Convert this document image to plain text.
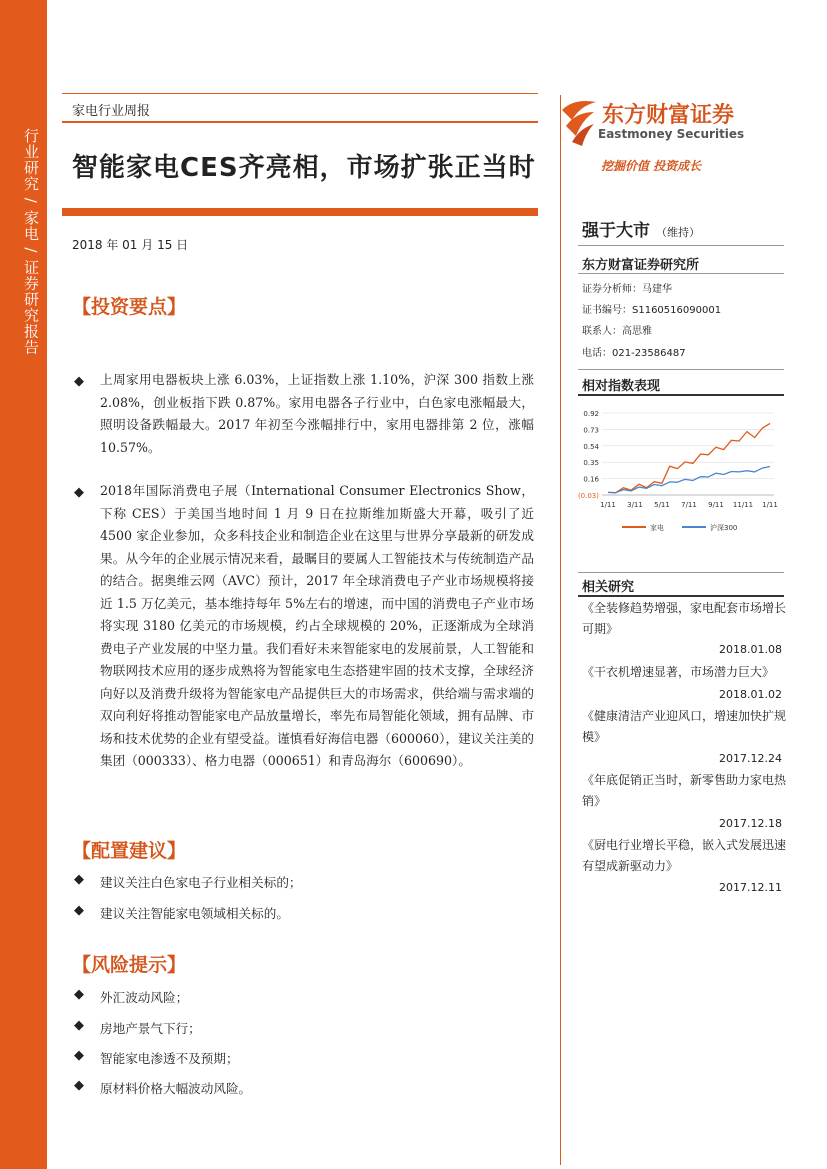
行业研究 / 家电 / 证券研究报告
家电行业周报
智能家电CES齐亮相，市场扩张正当时
2018 年 01 月 15 日
【投资要点】
◆ 上周家用电器板块上涨 6.03%，上证指数上涨 1.10%，沪深 300 指数上涨 2.08%，创业板指下跌 0.87%。家用电器各子行业中，白色家电涨幅最大，照明设备跌幅最大。2017 年初至今涨幅排行中，家用电器排第 2 位，涨幅 10.57%。
◆ 2018年国际消费电子展（International Consumer Electronics Show，下称 CES）于美国当地时间 1 月 9 日在拉斯维加斯盛大开幕，吸引了近 4500 家企业参加，众多科技企业和制造企业在这里与世界分享最新的研发成果。从今年的企业展示情况来看，最瞩目的要属人工智能技术与传统制造产品的结合。据奥维云网（AVC）预计，2017 年全球消费电子产业市场规模将接近 1.5 万亿美元，基本维持每年 5%左右的增速，而中国的消费电子产业市场将实现 3180 亿美元的市场规模，约占全球规模的 20%，正逐渐成为全球消费电子产业发展的中坚力量。我们看好未来智能家电的发展前景，人工智能和物联网技术应用的逐步成熟将为智能家电生态搭建牢固的技术支撑，全球经济向好以及消费升级将为智能家电产品提供巨大的市场需求，供给端与需求端的双向利好将推动智能家电产品放量增长，率先布局智能化领域，拥有品牌、市场和技术优势的企业有望受益。谨慎看好海信电器（600060），建议关注美的集团（000333）、格力电器（000651）和青岛海尔（600690）。
【配置建议】
◆ 建议关注白色家电子行业相关标的；
◆ 建议关注智能家电领域相关标的。
【风险提示】
◆ 外汇波动风险；
◆ 房地产景气下行；
◆ 智能家电渗透不及预期；
◆ 原材料价格大幅波动风险。
东方财富证券
Eastmoney Securities
挖掘价值 投资成长
强于大市 （维持）
东方财富证券研究所
证券分析师：马建华
证书编号：S1160516090001
联系人：高思雅
电话：021-23586487
相对指数表现
0.92
0.73
0.54
0.35
0.16
(0.03)
1/11 3/11 5/11 7/11 9/11 11/11 1/11
家电	沪深300
相关研究
《全装修趋势增强，家电配套市场增长可期》
2018.01.08
《干衣机增速显著，市场潜力巨大》
2018.01.02
《健康清洁产业迎风口，增速加快扩规模》
2017.12.24
《年底促销正当时，新零售助力家电热销》
2017.12.18
《厨电行业增长平稳，嵌入式发展迅速有望成新驱动力》
2017.12.11
